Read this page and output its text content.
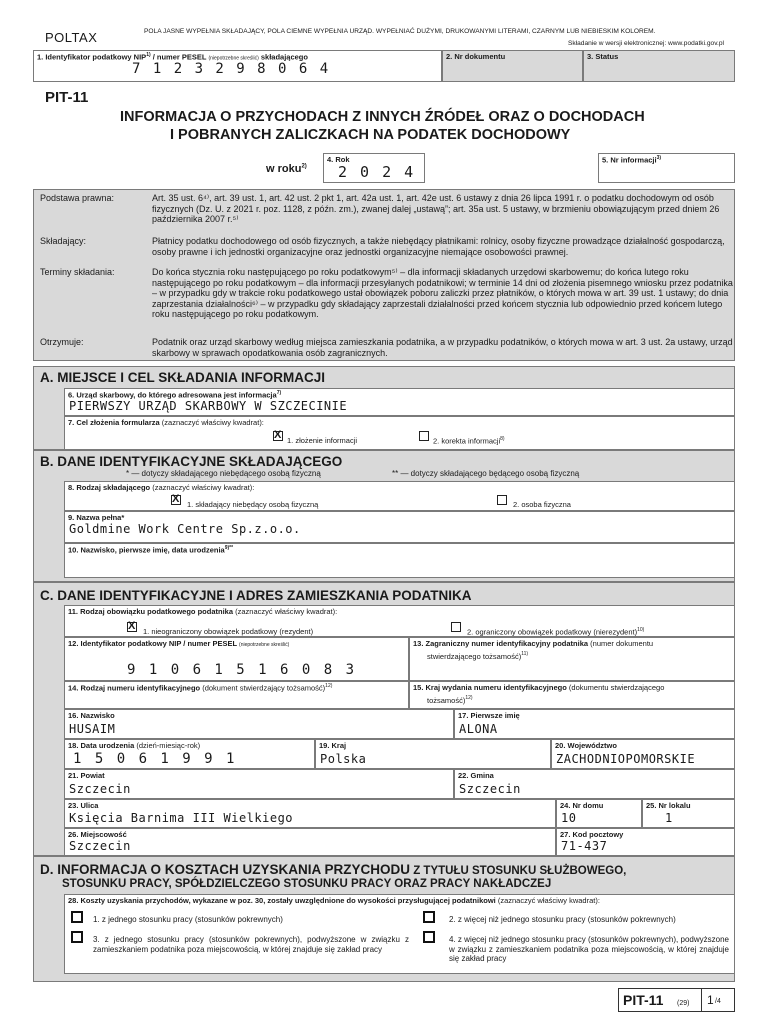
POLTAX	POLA JASNE WYPEŁNIA SKŁADAJĄCY, POLA CIEMNE WYPEŁNIA URZĄD. WYPEŁNIAĆ DUŻYMI, DRUKOWANYMI LITERAMI, CZARNYM LUB NIEBIESKIM KOLOREM.
Składanie w wersji elektronicznej: www.podatki.gov.pl
1. Identyfikator podatkowy NIP$^{1)}$ / numer PESEL (niepotrzebne skreślić) składającego
7 1 2 3 2 9 8 0 6 4
2. Nr dokumentu	3. Status
PIT-11
INFORMACJA O PRZYCHODACH Z INNYCH ŹRÓDEŁ ORAZ O DOCHODACH
I POBRANYCH ZALICZKACH NA PODATEK DOCHODOWY
w roku$^{2)}$
4. Rok
2 0 2 4
5. Nr informacji$^{3)}$
Podstawa prawna:	Art. 35 ust. 6⁴⁾, art. 39 ust. 1, art. 42 ust. 2 pkt 1, art. 42a ust. 1, art. 42e ust. 6 ustawy z dnia 26 lipca 1991 r. o podatku dochodowym od osób fizycznych (Dz. U. z 2021 r. poz. 1128, z późn. zm.), zwanej dalej „ustawą”; art. 35a ust. 5 ustawy, w brzmieniu obowiązującym przed dniem 26 października 2007 r.⁵⁾
Składający:	Płatnicy podatku dochodowego od osób fizycznych, a także niebędący płatnikami: rolnicy, osoby fizyczne prowadzące działalność gospodarczą, osoby prawne i ich jednostki organizacyjne oraz jednostki organizacyjne niemające osobowości prawnej.
Terminy składania:	Do końca stycznia roku następującego po roku podatkowym⁵⁾ – dla informacji składanych urzędowi skarbowemu; do końca lutego roku następującego po roku podatkowym – dla informacji przesyłanych podatnikowi; w terminie 14 dni od złożenia pisemnego wniosku przez podatnika – w przypadku gdy w trakcie roku podatkowego ustał obowiązek poboru zaliczki przez płatników, o których mowa w art. 39 ust. 1 ustawy; do dnia zaprzestania działalności⁶⁾ – w przypadku gdy składający zaprzestali działalności przed końcem stycznia lub odpowiednio przed końcem lutego roku następującego po roku podatkowym.
Otrzymuje:	Podatnik oraz urząd skarbowy według miejsca zamieszkania podatnika, a w przypadku podatników, o których mowa w art. 3 ust. 2a ustawy, urząd skarbowy w sprawach opodatkowania osób zagranicznych.
A. MIEJSCE I CEL SKŁADANIA INFORMACJI
6. Urząd skarbowy, do którego adresowana jest informacja$^{7)}$
PIERWSZY URZĄD SKARBOWY W SZCZECINIE
7. Cel złożenia formularza (zaznaczyć właściwy kwadrat):
X
1. złożenie informacji	2. korekta informacji$^{8)}$
B. DANE IDENTYFIKACYJNE SKŁADAJĄCEGO
* — dotyczy składającego niebędącego osobą fizyczną	** — dotyczy składającego będącego osobą fizyczną
8. Rodzaj składającego (zaznaczyć właściwy kwadrat):
X
1. składający niebędący osobą fizyczną	2. osoba fizyczna
9. Nazwa pełna*
Goldmine Work Centre Sp.z.o.o.
10. Nazwisko, pierwsze imię, data urodzenia$^{9)**}$
C. DANE IDENTYFIKACYJNE I ADRES ZAMIESZKANIA PODATNIKA
11. Rodzaj obowiązku podatkowego podatnika (zaznaczyć właściwy kwadrat):
X
1. nieograniczony obowiązek podatkowy (rezydent)	2. ograniczony obowiązek podatkowy (nierezydent)$^{10)}$
12. Identyfikator podatkowy NIP / numer PESEL (niepotrzebne skreślić)
9 1 0 6 1 5 1 6 0 8 3
13. Zagraniczny numer identyfikacyjny podatnika (numer dokumentu
stwierdzającego tożsamość)$^{11)}$
14. Rodzaj numeru identyfikacyjnego (dokument stwierdzający tożsamość)$^{12)}$	15. Kraj wydania numeru identyfikacyjnego (dokumentu stwierdzającego
tożsamość)$^{12)}$
16. Nazwisko
HUSAIM
17. Pierwsze imię
ALONA
18. Data urodzenia (dzień-miesiąc-rok)
1 5 0 6 1 9 9 1
19. Kraj
Polska
20. Województwo
ZACHODNIOPOMORSKIE
21. Powiat
Szczecin
22. Gmina
Szczecin
23. Ulica
Księcia Barnima III Wielkiego
24. Nr domu
10
25. Nr lokalu
1
26. Miejscowość
Szczecin
27. Kod pocztowy
71-437
D. INFORMACJA O KOSZTACH UZYSKANIA PRZYCHODU Z TYTUŁU STOSUNKU SŁUŻBOWEGO,
STOSUNKU PRACY, SPÓŁDZIELCZEGO STOSUNKU PRACY ORAZ PRACY NAKŁADCZEJ
28. Koszty uzyskania przychodów, wykazane w poz. 30, zostały uwzględnione do wysokości przysługującej podatnikowi (zaznaczyć właściwy kwadrat):
1. z jednego stosunku pracy (stosunków pokrewnych)	2. z więcej niż jednego stosunku pracy (stosunków pokrewnych)
3. z jednego stosunku pracy (stosunków pokrewnych), podwyższone w związku z zamieszkaniem podatnika poza miejscowością, w której znajduje się zakład pracy
4. z więcej niż jednego stosunku pracy (stosunków pokrewnych), podwyższone w związku z zamieszkaniem podatnika poza miejscowością, w której znajduje się zakład pracy
PIT-11 (29) 1 /4
